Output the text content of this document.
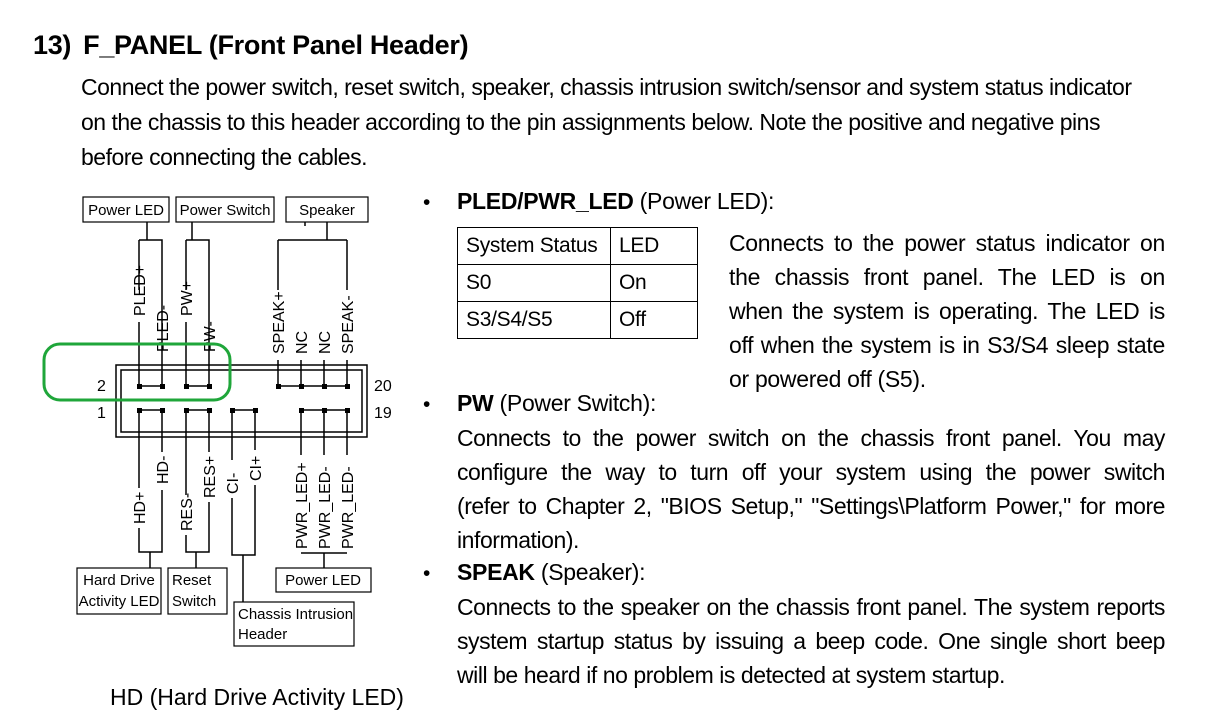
13) F_PANEL (Front Panel Header)

Connect the power switch, reset switch, speaker, chassis intrusion switch/sensor and system status indicator

on the chassis to this header according to the pin assignments below. Note the positive and negative pins

before connecting the cables.

Power LED Power Switch Speaker
PLED+
PLED-
PW+
PW-	SPEAK+ NC NC SPEAK-
2
1
20
19
HD+
HD-
RES-
RES+ CI-
CI+ PWR_LED+ PWR_LED- PWR_LED-
Hard Drive
Activity LED
Reset
Switch
Chassis Intrusion
Header
Power LED
• PLED/PWR_LED (Power LED):
System Status	LED
S0	On
S3/S4/S5	Off
Connects to the power status indicator on the chassis front panel. The LED is on when the system is operating. The LED is off when the system is in S3/S4 sleep state or powered off (S5).
• PW (Power Switch):

Connects to the power switch on the chassis front panel. You may

configure the way to turn off your system using the power switch

(refer to Chapter 2, "BIOS Setup," "Settings\Platform Power," for more

information).

• SPEAK (Speaker):

Connects to the speaker on the chassis front panel. The system reports

system startup status by issuing a beep code. One single short beep

will be heard if no problem is detected at system startup.

HD (Hard Drive Activity LED)
